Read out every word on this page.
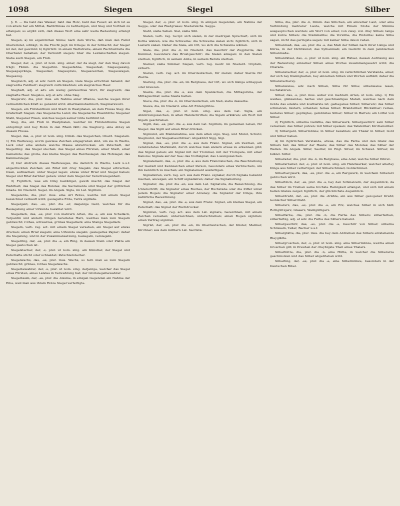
1098	Siegen	Siegel	Silber

§. 8. — Da bald das Wasser, bald das Holz, bald das Feuer; an sich ist es von alters her ein Mittel, Bedürfnisse zu befriedigen, und Sieg und Vortheil zu erlangen; so ergibt sich, daß dieses Wort eine sehr weite Bedeutung erlangt hat.

Siegen, a) im eigentlichen Sinne; nach dem Worte, daß man den Feind überwindet, schlägt, in die Flucht jagt; im Kriege; in der Schlacht; der Sieger ist der, der gewinnt; b) figürlich: in einem Wettstreite, einem Rechtsstreite die Oberhand behalten; der Vernunft siegen; über die Leidenschaften siegen. Siehe auch Siegen, ein Fluß.

Sieger, der, -s, plur. ut nom. sing. einer, der da siegt, der den Sieg davon trägt; Fämin. die Siegerinn. Siegesfahne, Siegesfest, Siegesgesang, Siegesgepränge, Siegeslied, Siegespreis, Siegeszeichen, Siegeswagen, Siegeszug.

Siegreich, adj. et adv. reich an Siegen, viele Siege erfochten habend; der siegreiche Feldherr; siegreich zurückkehren; ein siegreiches Heer.

Sieghaft, adj. et adv. ein wenig gebrauchtes Wort, für siegreich; das sieghafte Heer. Siegslos, adj. et adv. ohne Sieg.

Siegwurz, die, plur. inus. ein Nahme einer Pflanze, welche wegen ihrer vermeintlichen Kraft so genannt wird; Allermannsharnisch, Siegmarswurz.

Siegen, ein Fürstenthum und Stadt in Westphalen, an dem Flusse Sieg; die Grafschaft Siegen; das Siegensche Land; die Siegensche Eisenhütte; Siegener Stahl, Siegener Eisen, welches wegen seiner Güte berühmt ist.

Sieg, die, ein Fluß in Westphalen, welcher im Fürstenthume Siegen entspringt und bey Bonn in den Rhein fällt; die Siegburg, eine Abtey an diesem Flusse.

Siegel, das, -s, plur. ut nom. sing. Dimin. das Siegelchen, Oberd. Siegelein. 1) Ein Werkzeug, worin gewisse Zeichen eingegraben sind, um sie in Wachs, Lack oder eine andere weiche Masse abzudrucken; ein Petschaft, der Siegelring; das Siegel stechen; das Siegel eines Fürsten, einer Stadt, einer Gemeinde; das große, das kleine Siegel; das Reichssiegel; das Hofsiegel; das Kammersiegel.

2) Der Abdruck dieses Werkzeuges, die dadurch in Wachs, Lack u.s.f. abgedruckten Zeichen; ein Brief mit drey Siegeln; das Siegel erbrechen, lösen, aufmachen; unter Siegel legen; etwas unter Brief und Siegel haben; Siegel und Brief darüber geben; unter dem Siegel der Verschwiegenheit.

3) Figürlich, was ein Ding bestätiget, gewiß macht; das Siegel der Wahrheit; das Siegel des Bundes; die Sacramente sind Siegel der göttlichen Gnade. Im Niederd. Segel, im Angels. Sigle, im Lat. Sigillum.

Siegelerde, die, plur. inus. eine Art Bolus, welche mit einem Siegel bezeichnet verkauft wird; gesiegelte Erde, Terra sigillata.

Siegelgeld, das, -es, plur. die -er, dasjenige Geld, welches für die Besiegelung einer Urkunde bezahlet wird.

Siegellack, das, -es, plur. von mehrern Arten, die -e, ein aus Schellack, Terpentin und andern Dingen bereitetes Harz, welches man zum Siegeln gebraucht; rothes, schwarzes, grünes Siegellack; eine Stange Siegellack.

Siegeln, verb. reg. act. mit einem Siegel versehen, ein Siegel auf etwas drucken; einen Brief siegeln; eine Urkunde siegeln; gesiegeltes Papier; daher die Siegelung, und in der Zusammensetzung, besiegeln, versiegeln.

Siegelring, der, -es, plur. die -e, ein Ring, in dessen Stein oder Platte ein Siegel gestochen ist.

Siegelstecher, der, -s, plur. ut nom. sing. ein Künstler, der Siegel und Petschafte sticht oder schneidet; Petschierstecher.

Siegelwachs, das, -es, plur. inus. Wachs, so fern man es zum Siegeln gebraucht; grünes, rothes Siegelwachs.

Siegelbewahrer, der, -s, plur. ut nom. sing. derjenige, welcher das Siegel eines Fürsten, eines Landes in Verwahrung hat; der Großsiegelbewahrer.

Siegelbaum, der, -es, plur. die -bäume, in einigen Gegenden ein Nahme der Eibe, weil man aus ihrem Holze Siegel verfertigte.

Siegel, der, -s, plur. ut nom. sing. in einigen Gegenden, ein Nahme der Segge, oder des Riedgrases; Niedersächs. Segge.

Sieht, siehe Sehen. Siel, siehe Sihl.

Sielen, verb. reg. recipr. sich sielen, in der niedrigen Sprechart, sich im Kothe wälzen, wie die Schweine; die Schweine sielen sich; figürlich, sich in Lastern sielen. Daher die Siele, ein Ort, wo sich die Schweine wälzen.

Siele, die, plur. die -n, im Niederd. das Geschirr der Zugpferde, das Kummet, besonders das Brustgeschirr; die Sielen anlegen; in den Sielen sterben, figürlich, in seinem Amte, in seinem Berufe sterben.

Siemer, siehe Simmer. Siepen, verb. reg. neutr. im Niederd. tröpfeln, sickern.

Sieren, verb. reg. act. im Oberdeutschen, für zieren; daher Sierde für Zierde.

Sierung, die, plur. die -en, im Bergbaue, der Ort, wo sich Gänge schleppen oder kreuzen.

Siesta, die, plur. die -s, aus dem Spanischen, die Mittagsruhe, der Mittagsschlaf; seine Siesta halten.

Sieve, die, plur. die -n, im Oberdeutschen, ein Sieb, siehe dasselbe.

Siewe, die, im Niederd. eine Art Entengrütze.

Sigel, das, -s, plur. ut nom. sing. aus dem Lat. Sigla, ein Abkürzungszeichen, in alten Handschriften; die Sigeln erklären; ein Wort mit Sigeln geschrieben.

Sigill, das, -es, plur. die -e, aus dem Lat. Sigillum, im gemeinen Leben, für Siegel; das Sigill auf einen Brief drücken.

Sigmund, ein Mannsnahme, aus dem alten sigu, Sieg, und Mund, Schutz; Siegmund, der Siegesbeschützer; Abgekürzt Sigg, Sigi.

Signal, das, -es, plur. die -e, aus dem Franz. Signal, ein Zeichen, ein verabredetes Merkmahl, durch welches man andern etwas zu erkennen gibt; das Signal geben; ein Signal mit der Trommel, mit der Trompete, mit einer Kanone; Signale auf der See; das Nothsignal; das Losungszeichen.

Signalement, das, -s, plur. die -s, aus dem Französischen, die Beschreibung der Gestalt und Kennzeichen einer Person, besonders eines Verbrechers, um ihn kenntlich zu machen; ein Signalement ausfertigen.

Signalisiren, verb. reg. act. aus dem Franz. signaler, durch Signale bekannt machen, anzeigen; ein Schiff signalisiren; daher die Signalisirung.

Signatur, die, plur. die -en, aus dem Lat. Signatura, die Bezeichnung, die Unterschrift; die Signatur eines Buches, der Buchstabe oder die Ziffer unter jedem Bogen; die Signatur einer Arzeney; die Signatur der Dinge, ihre natürliche Bezeichnung.

Signet, das, -es, plur. die -e, aus dem Franz. Signet, ein kleines Siegel, ein Petschaft; das Signet der Buchdrucker.

Signiren, verb. reg. act. aus dem Lat. signare, bezeichnen, mit einem Zeichen versehen; unterzeichnen, unterschreiben; einen Bogen signiren; einen Vertrag signiren.

Sigrist, der, -en, plur. die -en, im Oberdeutschen, der Küster, Meßner, Kirchner; aus dem mittlern Lat. Sacrista.

Silbe, die, plur. die -n, Dimin. das Silbchen, ein einzelner Laut, oder eine Verbindung mehrerer Laute, welche mit Einem Stoße der Stimme ausgesprochen werden; ein Wort von einer, von zwey, von drey Silben; lange und kurze Silben; die Stammsilbe; die Vorsilbe, die Endsilbe; keine Silbe sagen, nicht das geringste sagen; mit keiner Silbe davon reden.

Silbenmaß, das, -es, plur. die -e, das Maß der Silben nach ihrer Länge und Kürze, in der Dichtkunst; das Sylbenmaß; ein Gedicht in dem jambischen Silbenmaße.

Silbenrätsel, das, -s, plur. ut nom. sing. ein Rätsel, dessen Auflösung aus der Bedeutung einzelner Silben eines Wortes zusammengesetzt wird; die Charade.

Silbenstecher, der, -s, plur. ut nom. sing. im verächtlichen Verstande, einer, der sich bey Kleinigkeiten, bey einzelnen Silben und Worten aufhält; daher die Silbenstecherey.

Silbenweise, adv. nach Silben, Silbe für Silbe; silbenweise lesen, buchstabiren.

Silber, das, -s, plur. inus. außer von mehrern Arten, ut nom. sing. 1) Ein weißes, glänzendes, hartes und geschmeidiges Metall, welches nach dem Golde das edelste und kostbarste ist; gediegenes Silber; Silbererz; das Silber schmelzen, läutern, scheiden; feines Silber; Brandsilber; Blicksilber; reines, lauteres Silber; geprägtes, gemünztes Silber; Silber in Barren; ein Löffel von Silber.

2) Figürlich, silberne Geräthe, das Silberwerk, Silbergeschirr; sein Silber versetzen; das Silber putzen; mit Silber speisen; das Tafelsilber; Kirchensilber.

3) Silbergeld, Silbermünze; in Silber bezahlen; ein Thaler in Silber; Gold und Silber haben.

4) Im figürlichen Verstande, etwas, das die Farbe und den Glanz des Silbers hat; das Silber der Haare; das Silber des Mondes; das Silber der Wellen. Im Angels. Silfer, Seolfer, im Engl. Silver, im Schwed. Silfver, im Isländ. Silfur.

Silberader, die, plur. die -n, im Bergbaue, eine Ader, welche Silber führet.

Silberarbeiter, der, -s, plur. ut nom. sing. ein Handwerker, welcher allerley Dinge aus Silber verfertiget; der Silberschmied, Goldschmied.

Silberbergwerk, das, -es, plur. die -e, ein Bergwerk, in welchem Silbererz gebrochen wird.

Silberblick, der, -es, plur. die -e, bey den Schmelzern, der Augenblick, da das Silber im Treiben seine höchste Reinigkeit erlanget, und sich mit einem hellen Glanze zeiget; figürlich, der glücklichste Augenblick.

Silberdraht, der, -es, plur. die -drähte, ein aus Silber gezogener Draht; leonischer Silberdraht.

Silbererz, das, -es, plur. die -e, ein Erz, welches Silber in sich hält; Rothgültigerz, Glaserz, Weißgültigerz.

Silberfarbe, die, plur. die -n, die Farbe des Silbers; silberfarben, silberfarbig, adj. et adv. die Farbe des Silbers habend.

Silbergeschirr, das, -es, plur. die -e, Geschirr von Silber; silberne Schüsseln, Teller, Becher u.s.f.

Silberglätte, die, plur. inus. die bey dem Abtreiben des Silbers entstehende Bleyglätte.

Silbergroschen, der, -s, plur. ut nom. sing. eine Silbermünze, welche einen Groschen gilt; in Preußen der dreyßigste Theil eines Thalers.

Silberhütte, die, plur. die -n, eine Hütte, in welcher die Silbererze geschmolzen und das Silber abgetrieben wird.

Silberling, der, -es, plur. die -e, eine Silbermünze, besonders in der Deutschen Bibel.
